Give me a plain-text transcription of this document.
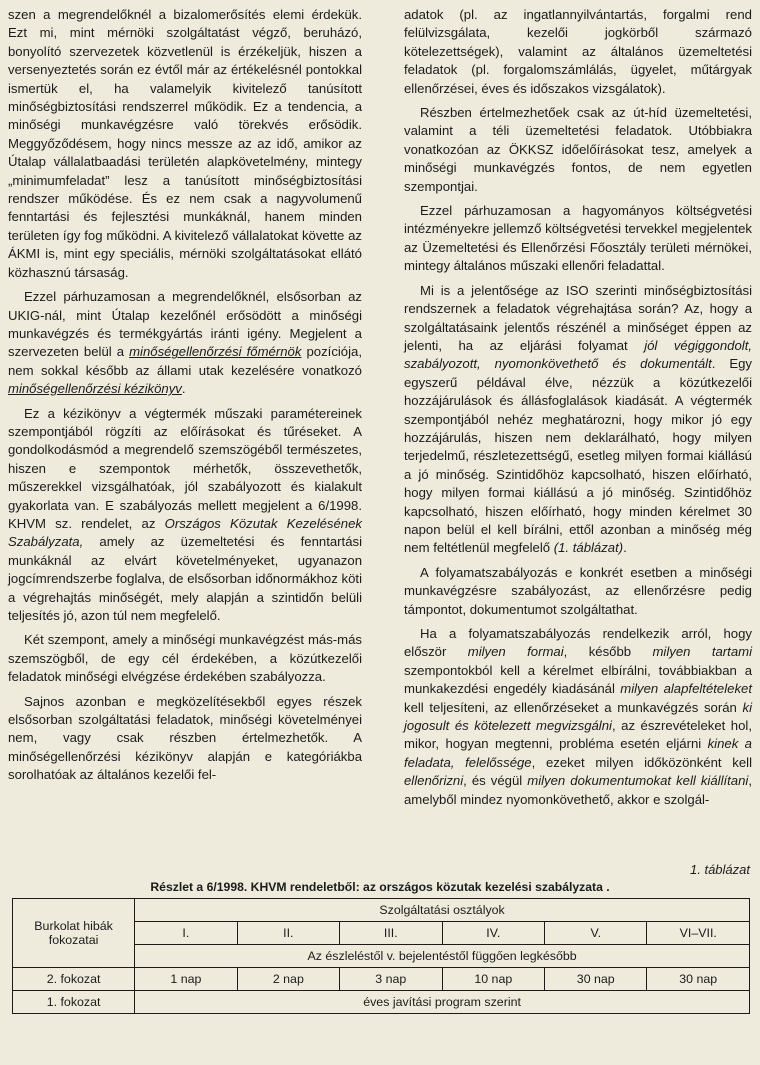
szen a megrendelőknél a bizalomerősítés elemi érdekük. Ezt mi, mint mérnöki szolgáltatást végző, beruházó, bonyolító szervezetek közvetlenül is érzékeljük, hiszen a versenyeztetés során ez évtől már az értékelésnél pontokkal ismertük el, ha valamelyik kivitelező tanúsított minőségbiztosítási rendszerrel működik. Ez a tendencia, a minőségi munkavégzésre való törekvés erősödik. Meggyőződésem, hogy nincs messze az az idő, amikor az Útalap vállalatbaadási területén alapkövetelmény, mintegy „minimumfeladat” lesz a tanúsított minőségbiztosítási rendszer működése. És ez nem csak a nagyvolumenű fenntartási és fejlesztési munkáknál, hanem minden területen így fog működni. A kivitelező vállalatokat követte az ÁKMI is, mint egy speciális, mérnöki szolgáltatásokat ellátó közhasznú társaság.

Ezzel párhuzamosan a megrendelőknél, elsősorban az UKIG-nál, mint Útalap kezelőnél erősödött a minőségi munkavégzés és termékgyártás iránti igény. Megjelent a szervezeten belül a minőségellenőrzési főmérnök pozíciója, nem sokkal később az állami utak kezelésére vonatkozó minőségellenőrzési kézikönyv.

Ez a kézikönyv a végtermék műszaki paramétereinek szempontjából rögzíti az előírásokat és tűréseket. A gondolkodásmód a megrendelő szemszögéből természetes, hiszen e szempontok mérhetők, összevethetők, műszerekkel vizsgálhatóak, jól szabályozott és kialakult gyakorlata van. E szabályozás mellett megjelent a 6/1998. KHVM sz. rendelet, az Országos Közutak Kezelésének Szabályzata, amely az üzemeltetési és fenntartási munkáknál az elvárt követelményeket, ugyanazon jogcímrendszerbe foglalva, de elsősorban időnormákhoz köti a végrehajtás minőségét, mely alapján a szintidőn belüli teljesítés jó, azon túl nem megfelelő.

Két szempont, amely a minőségi munkavégzést más-más szemszögből, de egy cél érdekében, a közútkezelői feladatok minőségi elvégzése érdekében szabályozza.

Sajnos azonban e megközelítésekből egyes részek elsősorban szolgáltatási feladatok, minőségi követelményei nem, vagy csak részben értelmezhetők. A minőségellenőrzési kézikönyv alapján e kategóriákba sorolhatóak az általános kezelői fel-

adatok (pl. az ingatlannyilvántartás, forgalmi rend felülvizsgálata, kezelői jogkörből származó kötelezettségek), valamint az általános üzemeltetési feladatok (pl. forgalomszámlálás, ügyelet, műtárgyak ellenőrzései, éves és időszakos vizsgálatok).

Részben értelmezhetőek csak az út-híd üzemeltetési, valamint a téli üzemeltetési feladatok. Utóbbiakra vonatkozóan az ÖKKSZ időelőírásokat tesz, amelyek a minőségi munkavégzés fontos, de nem egyetlen szempontjai.

Ezzel párhuzamosan a hagyományos költségvetési intézményekre jellemző költségvetési tervekkel megjelentek az Üzemeltetési és Ellenőrzési Főosztály területi mérnökei, mintegy általános műszaki ellenőri feladattal.

Mi is a jelentősége az ISO szerinti minőségbiztosítási rendszernek a feladatok végrehajtása során? Az, hogy a szolgáltatásaink jelentős részénél a minőséget éppen az jelenti, ha az eljárási folyamat jól végiggondolt, szabályozott, nyomonkövethető és dokumentált. Egy egyszerű példával élve, nézzük a közútkezelői hozzájárulások és állásfoglalások kiadását. A végtermék szempontjából nehéz meghatározni, hogy mikor jó egy hozzájárulás, hiszen nem deklarálható, hogy milyen terjedelmű, részletezettségű, esetleg milyen formai kiállású a jó minőség. Szintidőhöz kapcsolható, hiszen előírható, hogy milyen formai kiállású a jó minőség. Szintidőhöz kapcsolható, hiszen előírható, hogy minden kérelmet 30 napon belül el kell bírálni, ettől azonban a minőség még nem feltétlenül megfelelő (1. táblázat).

A folyamatszabályozás e konkrét esetben a minőségi munkavégzésre szabályozást, az ellenőrzésre pedig támpontot, dokumentumot szolgáltathat.

Ha a folyamatszabályozás rendelkezik arról, hogy először milyen formai, később milyen tartami szempontokból kell a kérelmet elbírálni, továbbiakban a munkakezdési engedély kiadásánál milyen alapfeltételeket kell teljesíteni, az ellenőrzéseket a munkavégzés során ki jogosult és kötelezett megvizsgálni, az észrevételeket hol, mikor, hogyan megtenni, probléma esetén eljárni kinek a feladata, felelőssége, ezeket milyen időközönként kell ellenőrizni, és végül milyen dokumentumokat kell kiállítani, amelyből mindez nyomonkövethető, akkor e szolgál-

1. táblázat

Részlet a 6/1998. KHVM rendeletből: az országos közutak kezelési szabályzata .

Burkolat hibák fokozatai	Szolgáltatási osztályok					
	I.	II.	III.	IV.	V.	VI–VII.
	Az észleléstől v. bejelentéstől függően legkésőbb					
2. fokozat	1 nap	2 nap	3 nap	10 nap	30 nap	30 nap
1. fokozat	éves javítási program szerint					
